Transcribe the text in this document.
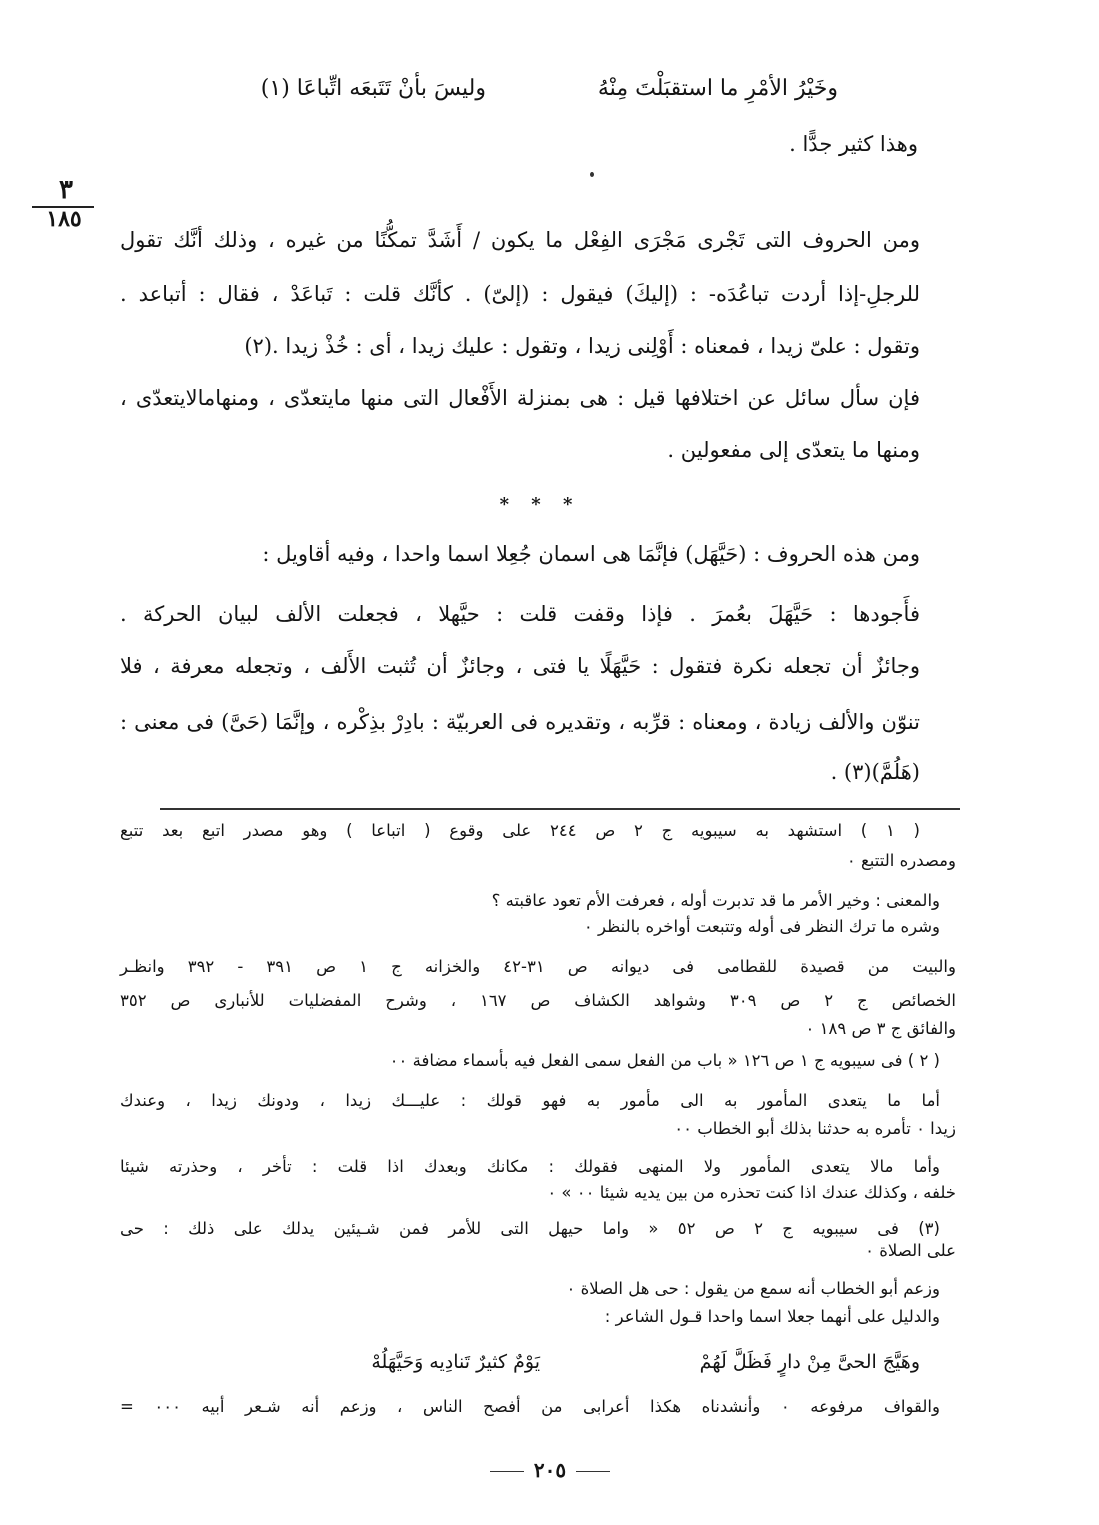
٣
١٨٥
وخَيْرُ الأمْرِ ما استقبَلْتَ مِنْهُ
وليسَ بأنْ تَتَبعَه اتِّباعَا (١)
وهذا كثير جدًّا .
ومن الحروف التى تَجْرى مَجْرَى الفِعْل ما يكون / أَشَدَّ تمكُّنًا من غيره ، وذلك أنَّك تقول
للرجلِ-إذا أردت تباعُدَه- : (إليكَ) فيقول : (إلىّ) . كأنَّك قلت : تَباعَدْ ، فقال : أتباعد .
وتقول : علىّ زيدا ، فمعناه : أَوْلِنى زيدا ، وتقول : عليك زيدا ، أى : خُذْ زيدا .(٢)
فإن سأل سائل عن اختلافها قيل : هى بمنزلة الأَفْعال التى منها مايتعدّى ، ومنهامالايتعدّى ،
ومنها ما يتعدّى إلى مفعولين .
* * *
ومن هذه الحروف : (حَيَّهَل) فإنَّمَا هى اسمان جُعِلا اسما واحدا ، وفيه أقاويل :
فأَجودها : حَيَّهَلَ بعُمرَ . فإذا وقفت قلت : حيَّهلا ، فجعلت الألف لبيان الحركة .
وجائزٌ أن تجعله نكرة فتقول : حَيَّهَلًا يا فتى ، وجائزٌ أن تُثبت الأَلف ، وتجعله معرفة ، فلا
تنوّن والألف زيادة ، ومعناه : قرِّبه ، وتقديره فى العربيّة : بادِرْ بذِكْره ، وإنَّمَا (حَىَّ) فى معنى :
(هَلُمَّ)(٣) .
( ١ ) استشهد به سيبويه ج ٢ ص ٢٤٤ على وقوع ( اتباعا ) وهو مصدر اتبع بعد تتبع
ومصدره التتبع ٠
والمعنى : وخير الأمر ما قد تدبرت أوله ، فعرفت الأم تعود عاقبته ؟
وشره ما ترك النظر فى أوله وتتبعت أواخره بالنظر ٠
والبيت من قصيدة للقطامى فى ديوانه ص ٣١-٤٢ والخزانه ج ١ ص ٣٩١ - ٣٩٢ وانظـر
الخصائص ج ٢ ص ٣٠٩ وشواهد الكشاف ص ١٦٧ ، وشرح المفضليات للأنبارى ص ٣٥٢
والفائق ج ٣ ص ١٨٩ ٠
( ٢ ) فى سيبويه ج ١ ص ١٢٦ « باب من الفعل سمى الفعل فيه بأسماء مضافة ٠٠
أما ما يتعدى المأمور به الى مأمور به فهو قولك : عليـــك زيدا ، ودونك زيدا ، وعندك
زيدا ٠ تأمره به حدثنا بذلك أبو الخطاب ٠٠
وأما مالا يتعدى المأمور ولا المنهى فقولك : مكانك وبعدك اذا قلت : تأخر ، وحذرته شيئا
خلفه ، وكذلك عندك اذا كنت تحذره من بين يديه شيئا ٠٠ » ٠
(٣) فى سيبويه ج ٢ ص ٥٢ « واما حيهل التى للأمر فمن شـيئين يدلك على ذلك : حى
على الصلاة ٠
وزعم أبو الخطاب أنه سمع من يقول : حى هل الصلاة ٠
والدليل على أنهما جعلا اسما واحدا قـول الشاعر :
وهَيَّجَ الحىَّ مِنْ دارٍ فَظَلَّ لَهُمْ
يَوْمٌ كثيرٌ تَنادِيه وَحَيَّهَلُهْ
والقواف مرفوعه ٠ وأنشدناه هكذا أعرابى من أفصح الناس ، وزعم أنه شـعر أبيه ٠٠٠ =
٢٠٥
